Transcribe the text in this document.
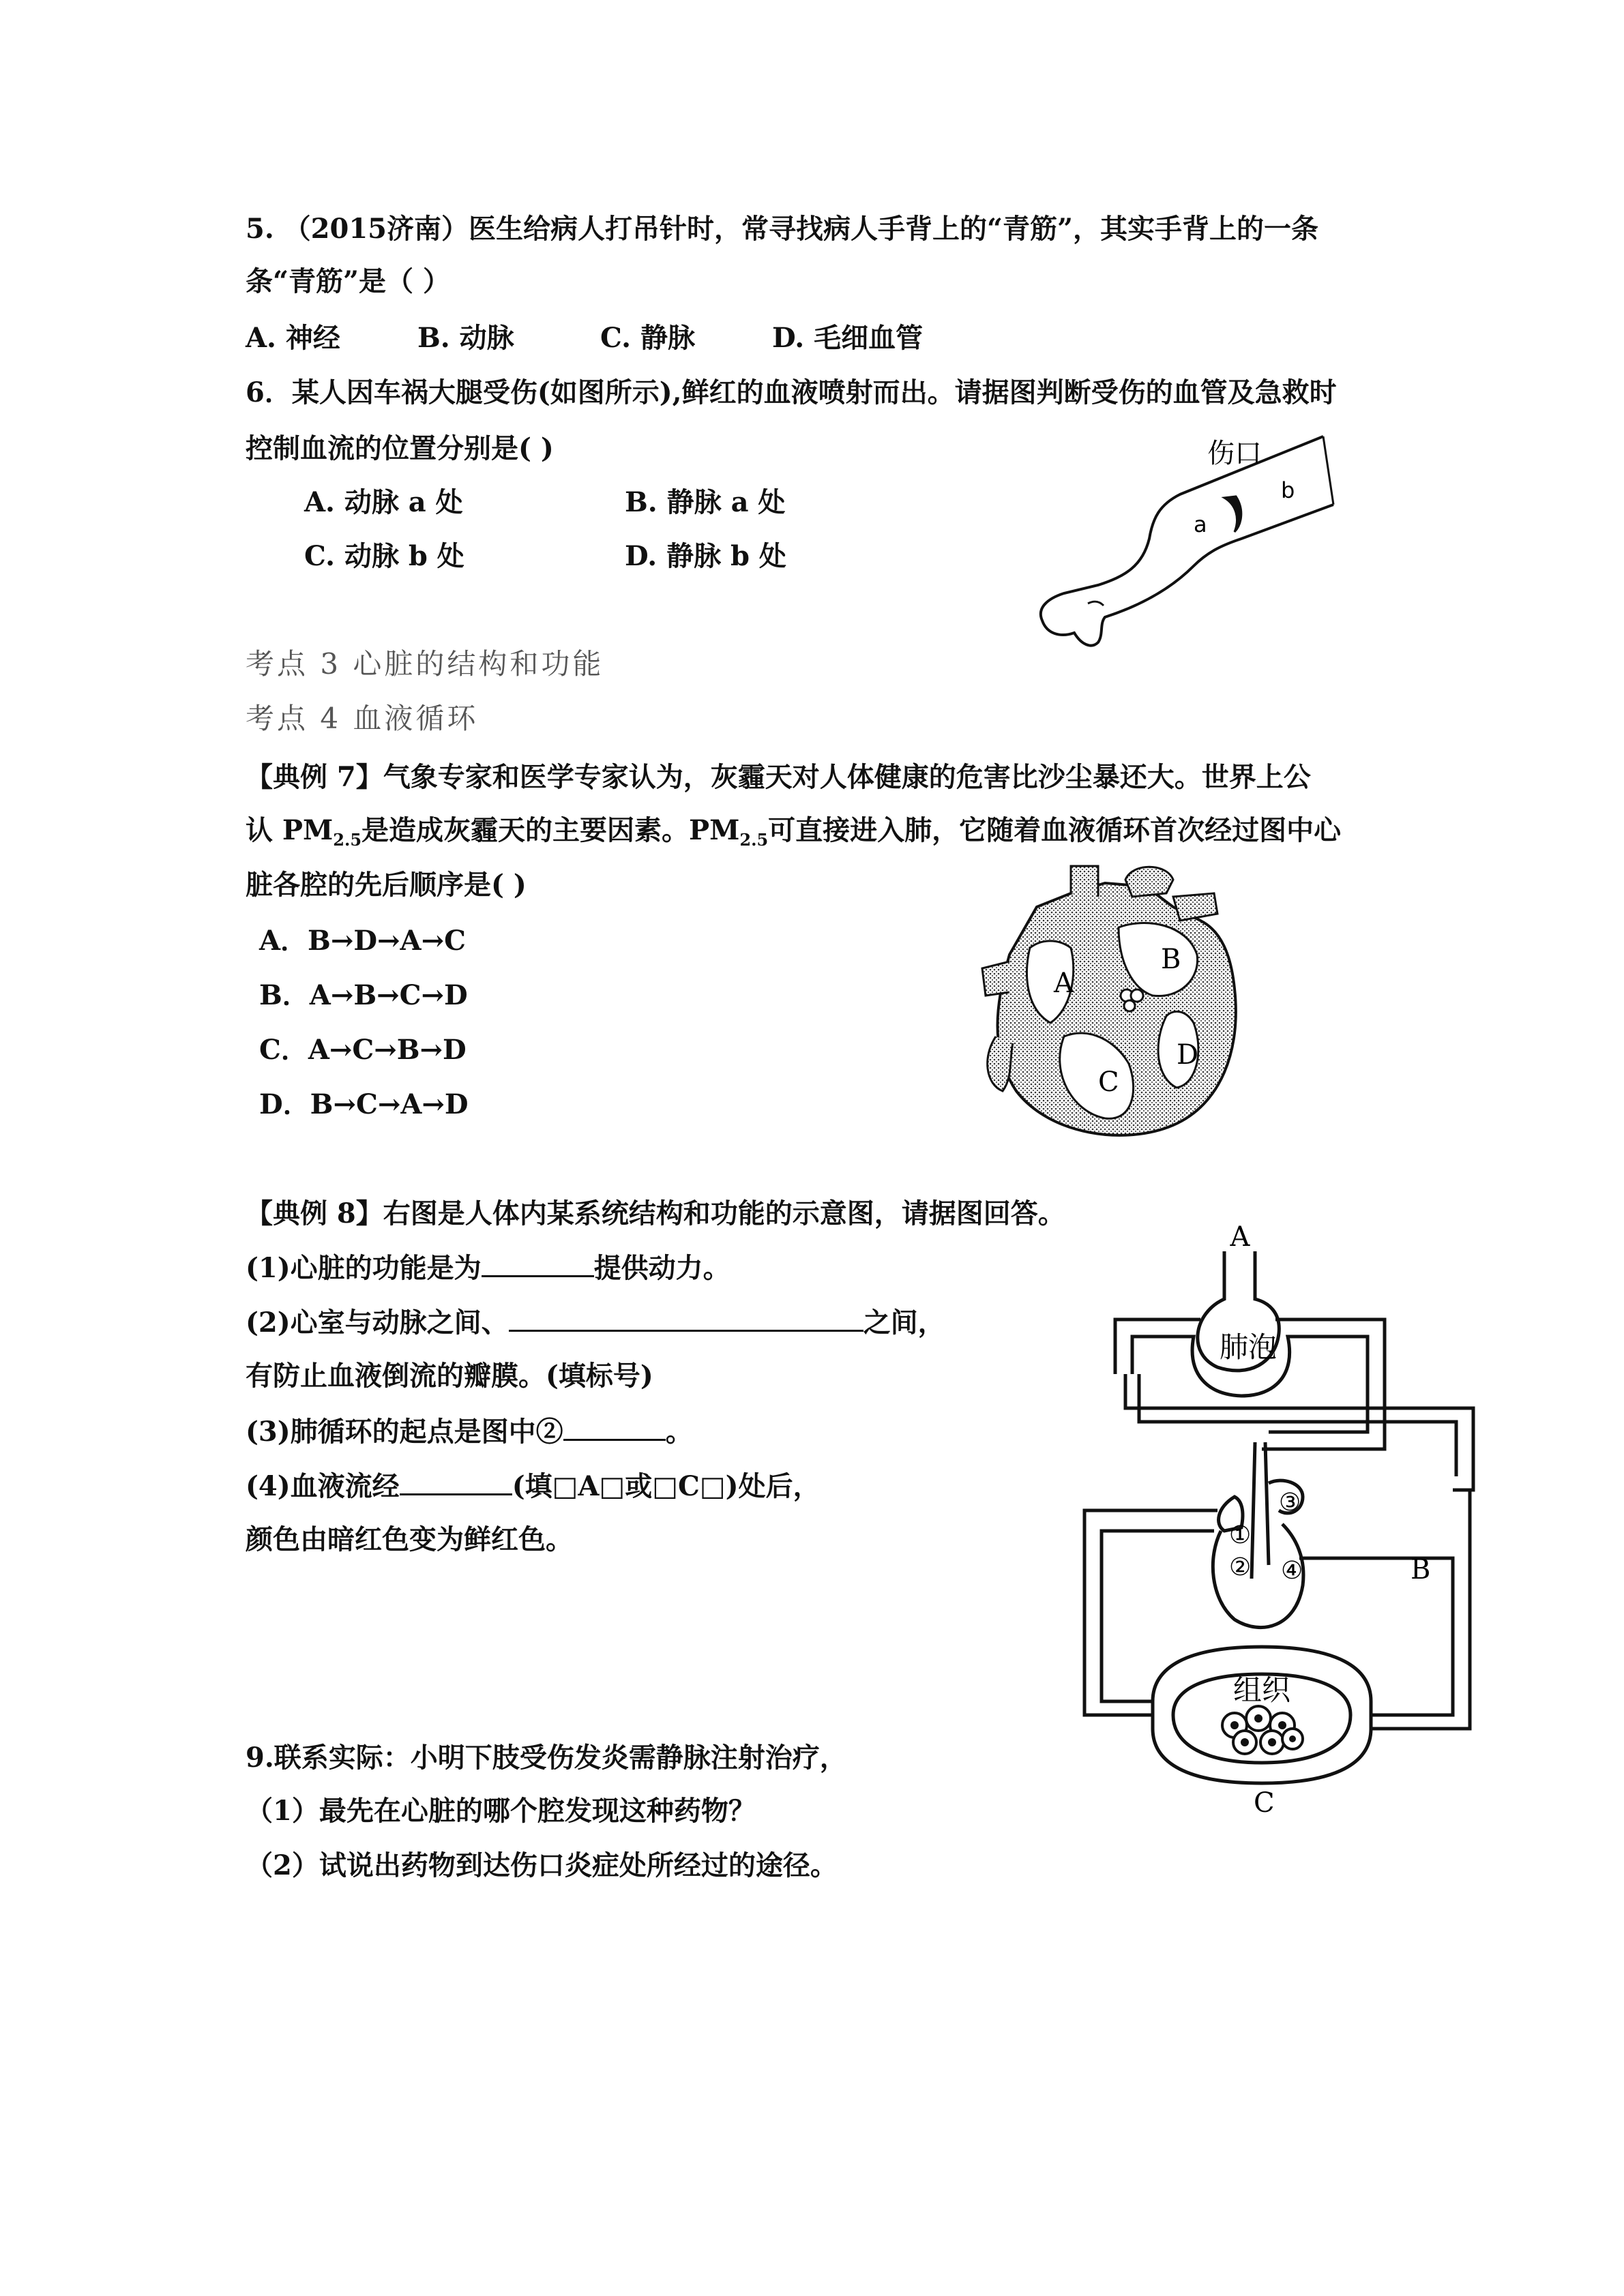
5. （2015济南）医生给病人打吊针时，常寻找病人手背上的“青筋”，其实手背上的一条
条“青筋”是（ ）
A. 神经	B. 动脉	C. 静脉	D. 毛细血管
6．某人因车祸大腿受伤(如图所示),鲜红的血液喷射而出。请据图判断受伤的血管及急救时
控制血流的位置分别是( )
A. 动脉 a 处	B. 静脉 a 处
C. 动脉 b 处	D. 静脉 b 处
伤口
a
b
考点 3 心脏的结构和功能
考点 4 血液循环
【典例 7】气象专家和医学专家认为，灰霾天对人体健康的危害比沙尘暴还大。世界上公
认 $PM_{2.5}$是造成灰霾天的主要因素。$PM_{2.5}$可直接进入肺，它随着血液循环首次经过图中心
脏各腔的先后顺序是( )
A．B→D→A→C
B．A→B→C→D
C．A→C→B→D
D．B→C→A→D
A
B
C
D
【典例 8】右图是人体内某系统结构和功能的示意图，请据图回答。
(1)心脏的功能是为	提供动力。
(2)心室与动脉之间、	之间，
有防止血液倒流的瓣膜。(填标号)
(3)肺循环的起点是图中②	。
(4)血液流经	(填□A□或□C□)处后，
颜色由暗红色变为鲜红色。
A
肺泡
组织
B
C
①
②
③
④
9.联系实际：小明下肢受伤发炎需静脉注射治疗，
（1）最先在心脏的哪个腔发现这种药物？
（2）试说出药物到达伤口炎症处所经过的途径。
